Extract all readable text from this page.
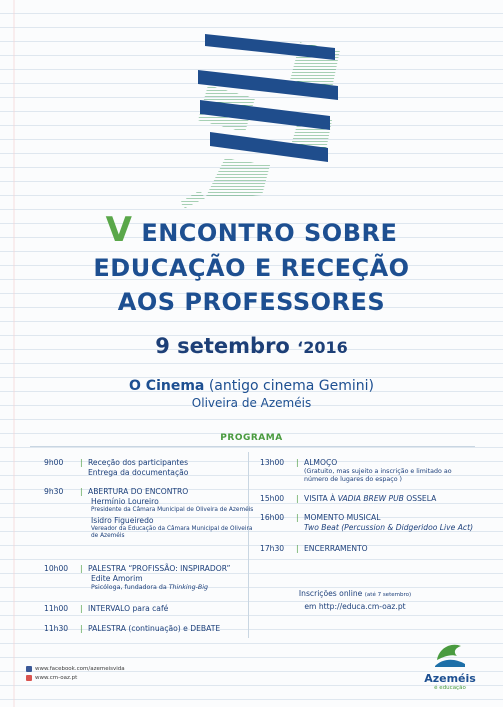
V ENCONTRO SOBRE
EDUCAÇÃO E RECEÇÃO
AOS PROFESSORES
9 setembro ‘2016
O Cinema (antigo cinema Gemini)
Oliveira de Azeméis
PROGRAMA
9h00	| Receção dos participantes
Entrega da documentação
9h30	| ABERTURA DO ENCONTRO
Hermínio Loureiro
Presidente da Câmara Municipal de Oliveira de Azeméis
Isidro Figueiredo
Vereador da Educação da Câmara Municipal de Oliveira de Azeméis
10h00	| PALESTRA “PROFISSÃO: INSPIRADOR”
Edite Amorim
Psicóloga, fundadora da Thinking-Big
11h00	| INTERVALO para café
11h30	| PALESTRA (continuação) e DEBATE
13h00	| ALMOÇO
(Gratuito, mas sujeito a inscrição e limitado ao número de lugares do espaço )
15h00	| VISITA À VADIA BREW PUB OSSELA
16h00	| MOMENTO MUSICAL
Two Beat (Percussion & Didgeridoo Live Act)
17h30	| ENCERRAMENTO
Inscrições online (até 7 setembro)
em http://educa.cm-oaz.pt
www.facebook.com/azemeisvida
www.cm-oaz.pt	Azeméis
é educação
